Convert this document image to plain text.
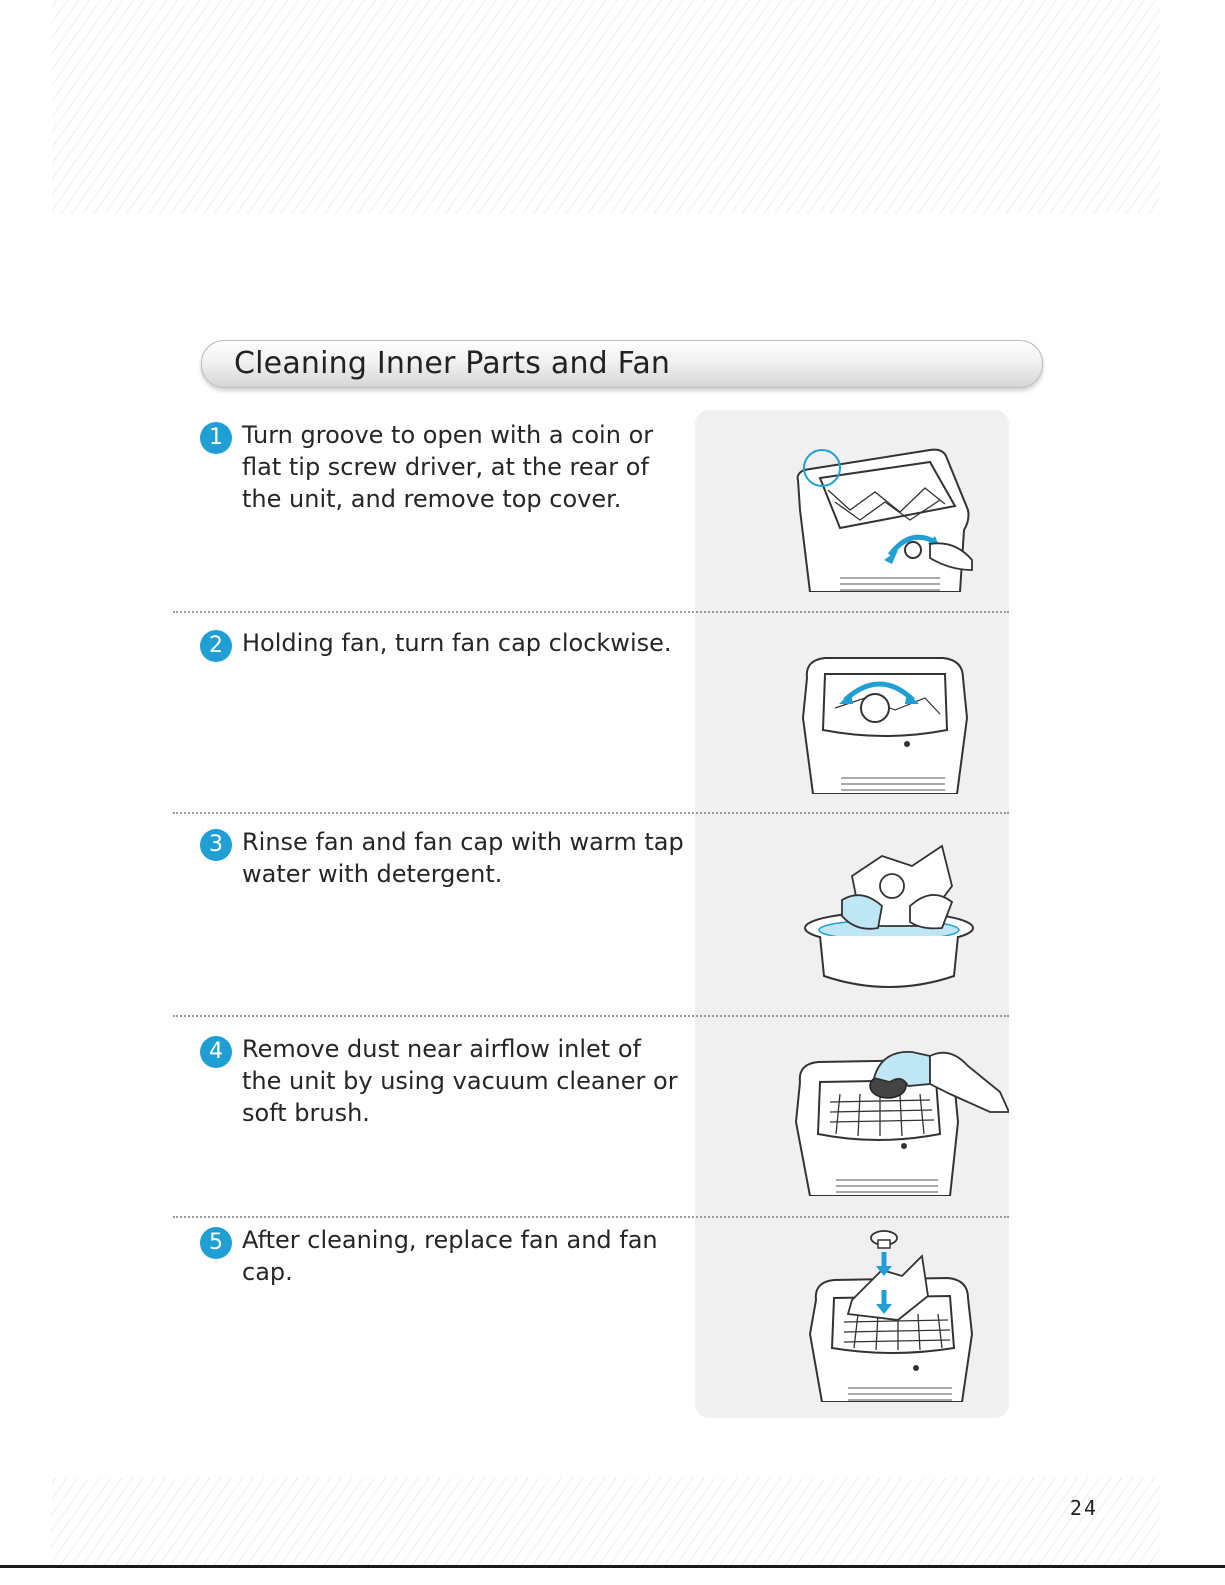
Cleaning Inner Parts and Fan
1 Turn groove to open with a coin or flat tip screw driver, at the rear of the unit, and remove top cover.
2 Holding fan, turn fan cap clockwise.
3 Rinse fan and fan cap with warm tap water with detergent.
4 Remove dust near airflow inlet of the unit by using vacuum cleaner or soft brush.
5 After cleaning, replace fan and fan cap.
24
